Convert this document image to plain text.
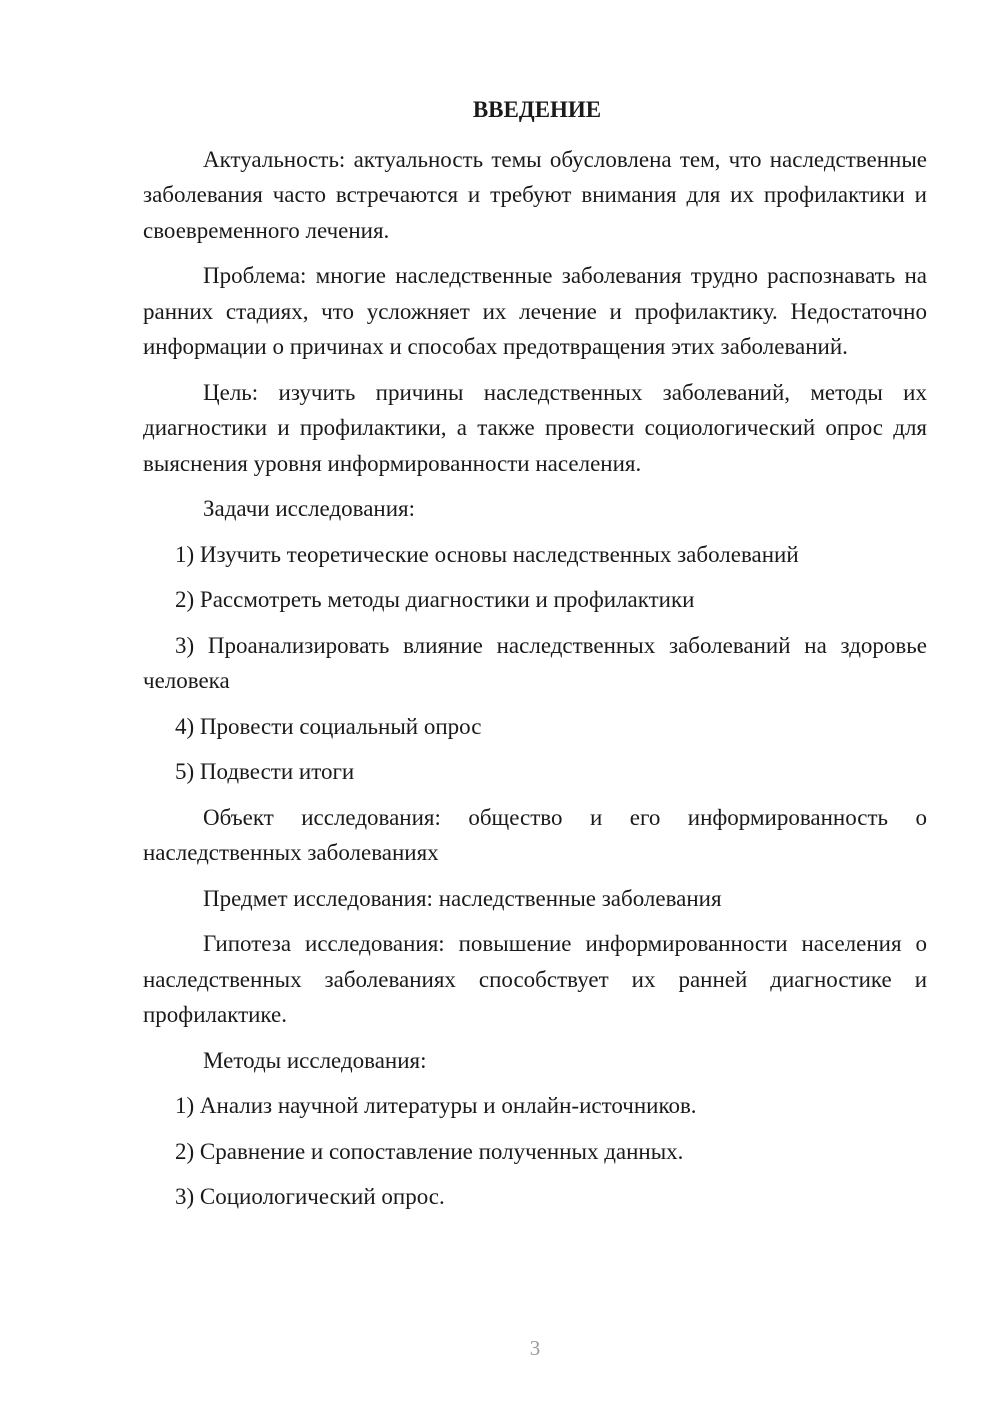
ВВЕДЕНИЕ

Актуальность: актуальность темы обусловлена тем, что наследственные заболевания часто встречаются и требуют внимания для их профилактики и своевременного лечения.

Проблема: многие наследственные заболевания трудно распознавать на ранних стадиях, что усложняет их лечение и профилактику. Недостаточно информации о причинах и способах предотвращения этих заболеваний.

Цель: изучить причины наследственных заболеваний, методы их диагностики и профилактики, а также провести социологический опрос для выяснения уровня информированности населения.

Задачи исследования:

1) Изучить теоретические основы наследственных заболеваний

2) Рассмотреть методы диагностики и профилактики

3) Проанализировать влияние наследственных заболеваний на здоровье человека

4) Провести социальный опрос

5) Подвести итоги

Объект исследования: общество и его информированность о наследственных заболеваниях

Предмет исследования: наследственные заболевания

Гипотеза исследования: повышение информированности населения о наследственных заболеваниях способствует их ранней диагностике и профилактике.

Методы исследования:

1) Анализ научной литературы и онлайн-источников.

2) Сравнение и сопоставление полученных данных.

3) Социологический опрос.

3
